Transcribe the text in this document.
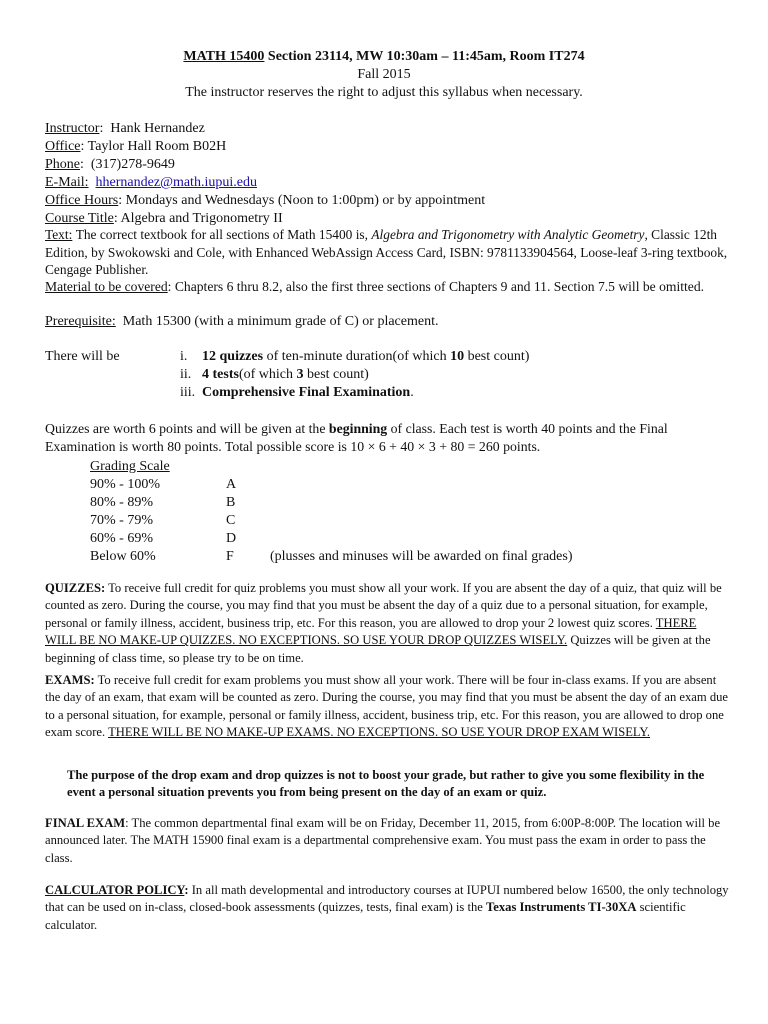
MATH 15400 Section 23114, MW 10:30am – 11:45am, Room IT274
Fall 2015
The instructor reserves the right to adjust this syllabus when necessary.
Instructor:  Hank Hernandez
Office: Taylor Hall Room B02H
Phone:  (317)278-9649
E-Mail: hhernandez@math.iupui.edu
Office Hours: Mondays and Wednesdays (Noon to 1:00pm) or by appointment
Course Title: Algebra and Trigonometry II
Text: The correct textbook for all sections of Math 15400 is, Algebra and Trigonometry with Analytic Geometry, Classic 12th Edition, by Swokowski and Cole, with Enhanced WebAssign Access Card, ISBN: 9781133904564, Loose-leaf 3-ring textbook, Cengage Publisher.
Material to be covered: Chapters 6 thru 8.2, also the first three sections of Chapters 9 and 11. Section 7.5 will be omitted.
Prerequisite: Math 15300 (with a minimum grade of C) or placement.
There will be	i. 12 quizzes of ten-minute duration(of which 10 best count)
ii. 4 tests(of which 3 best count)
iii. Comprehensive Final Examination.
Quizzes are worth 6 points and will be given at the beginning of class. Each test is worth 40 points and the Final Examination is worth 80 points. Total possible score is 10 × 6 + 40 × 3 + 80 = 260 points.
Grading Scale
90% - 100%	A
80% - 89%	B
70% - 79%	C
60% - 69%	D
Below 60%	F	(plusses and minuses will be awarded on final grades)
QUIZZES: To receive full credit for quiz problems you must show all your work. If you are absent the day of a quiz, that quiz will be counted as zero. During the course, you may find that you must be absent the day of a quiz due to a personal situation, for example, personal or family illness, accident, business trip, etc. For this reason, you are allowed to drop your 2 lowest quiz scores. THERE WILL BE NO MAKE-UP QUIZZES. NO EXCEPTIONS. SO USE YOUR DROP QUIZZES WISELY. Quizzes will be given at the beginning of class time, so please try to be on time.
EXAMS: To receive full credit for exam problems you must show all your work. There will be four in-class exams. If you are absent the day of an exam, that exam will be counted as zero. During the course, you may find that you must be absent the day of an exam due to a personal situation, for example, personal or family illness, accident, business trip, etc. For this reason, you are allowed to drop one exam score. THERE WILL BE NO MAKE-UP EXAMS. NO EXCEPTIONS. SO USE YOUR DROP EXAM WISELY.
The purpose of the drop exam and drop quizzes is not to boost your grade, but rather to give you some flexibility in the event a personal situation prevents you from being present on the day of an exam or quiz.
FINAL EXAM: The common departmental final exam will be on Friday, December 11, 2015, from 6:00P-8:00P. The location will be announced later. The MATH 15900 final exam is a departmental comprehensive exam. You must pass the exam in order to pass the class.
CALCULATOR POLICY: In all math developmental and introductory courses at IUPUI numbered below 16500, the only technology that can be used on in-class, closed-book assessments (quizzes, tests, final exam) is the Texas Instruments TI-30XA scientific calculator.
